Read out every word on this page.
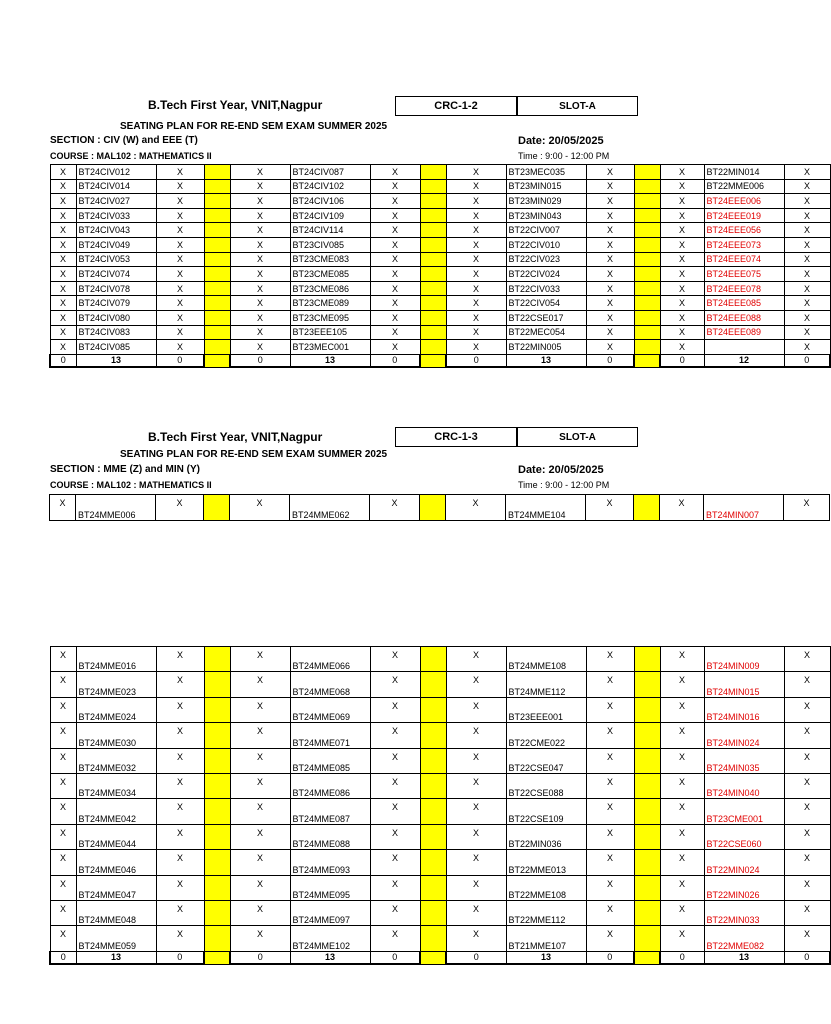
B.Tech First Year, VNIT,Nagpur	CRC-1-2	SLOT-A
SEATING PLAN FOR RE-END SEM EXAM SUMMER 2025
SECTION : CIV (W) and EEE (T)	Date: 20/05/2025
COURSE : MAL102 : MATHEMATICS II	Time : 9:00 - 12:00 PM
X	BT24CIV012	X		X	BT24CIV087	X		X	BT23MEC035	X		X	BT22MIN014	X
X	BT24CIV014	X		X	BT24CIV102	X		X	BT23MIN015	X		X	BT22MME006	X
X	BT24CIV027	X		X	BT24CIV106	X		X	BT23MIN029	X		X	BT24EEE006	X
X	BT24CIV033	X		X	BT24CIV109	X		X	BT23MIN043	X		X	BT24EEE019	X
X	BT24CIV043	X		X	BT24CIV114	X		X	BT22CIV007	X		X	BT24EEE056	X
X	BT24CIV049	X		X	BT23CIV085	X		X	BT22CIV010	X		X	BT24EEE073	X
X	BT24CIV053	X		X	BT23CME083	X		X	BT22CIV023	X		X	BT24EEE074	X
X	BT24CIV074	X		X	BT23CME085	X		X	BT22CIV024	X		X	BT24EEE075	X
X	BT24CIV078	X		X	BT23CME086	X		X	BT22CIV033	X		X	BT24EEE078	X
X	BT24CIV079	X		X	BT23CME089	X		X	BT22CIV054	X		X	BT24EEE085	X
X	BT24CIV080	X		X	BT23CME095	X		X	BT22CSE017	X		X	BT24EEE088	X
X	BT24CIV083	X		X	BT23EEE105	X		X	BT22MEC054	X		X	BT24EEE089	X
X	BT24CIV085	X		X	BT23MEC001	X		X	BT22MIN005	X		X		X
0	13	0		0	13	0		0	13	0		0	12	0
B.Tech First Year, VNIT,Nagpur	CRC-1-3	SLOT-A
SEATING PLAN FOR RE-END SEM EXAM SUMMER 2025
SECTION : MME (Z) and MIN (Y)	Date: 20/05/2025
COURSE : MAL102 : MATHEMATICS II	Time : 9:00 - 12:00 PM
X	BT24MME006	X		X	BT24MME062	X		X	BT24MME104	X		X	BT24MIN007	X
X	BT24MME016	X		X	BT24MME066	X		X	BT24MME108	X		X	BT24MIN009	X
X	BT24MME023	X		X	BT24MME068	X		X	BT24MME112	X		X	BT24MIN015	X
X	BT24MME024	X		X	BT24MME069	X		X	BT23EEE001	X		X	BT24MIN016	X
X	BT24MME030	X		X	BT24MME071	X		X	BT22CME022	X		X	BT24MIN024	X
X	BT24MME032	X		X	BT24MME085	X		X	BT22CSE047	X		X	BT24MIN035	X
X	BT24MME034	X		X	BT24MME086	X		X	BT22CSE088	X		X	BT24MIN040	X
X	BT24MME042	X		X	BT24MME087	X		X	BT22CSE109	X		X	BT23CME001	X
X	BT24MME044	X		X	BT24MME088	X		X	BT22MIN036	X		X	BT22CSE060	X
X	BT24MME046	X		X	BT24MME093	X		X	BT22MME013	X		X	BT22MIN024	X
X	BT24MME047	X		X	BT24MME095	X		X	BT22MME108	X		X	BT22MIN026	X
X	BT24MME048	X		X	BT24MME097	X		X	BT22MME112	X		X	BT22MIN033	X
X	BT24MME059	X		X	BT24MME102	X		X	BT21MME107	X		X	BT22MME082	X
0	13	0		0	13	0		0	13	0		0	13	0
